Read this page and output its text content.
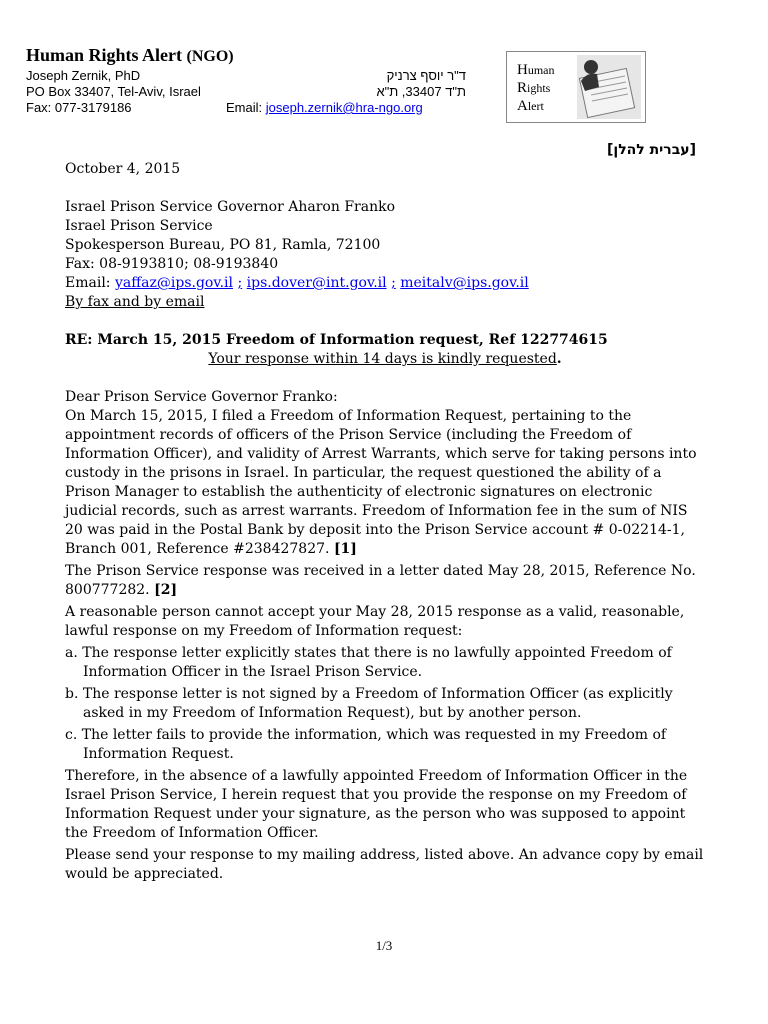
Human Rights Alert (NGO)
Joseph Zernik, PhD	ד"ר יוסף צרניק
PO Box 33407, Tel-Aviv, Israel	ת"ד 33407, ת"א
Fax: 077-3179186	Email: joseph.zernik@hra-ngo.org
Human
Rights
Alert
[עברית להלן]
October 4, 2015
Israel Prison Service Governor Aharon Franko
Israel Prison Service
Spokesperson Bureau, PO 81, Ramla, 72100
Fax: 08-9193810; 08-9193840
Email: yaffaz@ips.gov.il ; ips.dover@int.gov.il ; meitalv@ips.gov.il
By fax and by email
RE: March 15, 2015 Freedom of Information request, Ref 122774615
Your response within 14 days is kindly requested.
Dear Prison Service Governor Franko:
On March 15, 2015, I filed a Freedom of Information Request, pertaining to the appointment records of officers of the Prison Service (including the Freedom of Information Officer), and validity of Arrest Warrants, which serve for taking persons into custody in the prisons in Israel. In particular, the request questioned the ability of a Prison Manager to establish the authenticity of electronic signatures on electronic judicial records, such as arrest warrants. Freedom of Information fee in the sum of NIS 20 was paid in the Postal Bank by deposit into the Prison Service account # 0-02214-1, Branch 001, Reference #238427827. [1]
The Prison Service response was received in a letter dated May 28, 2015, Reference No. 800777282. [2]
A reasonable person cannot accept your May 28, 2015 response as a valid, reasonable, lawful response on my Freedom of Information request:
a. The response letter explicitly states that there is no lawfully appointed Freedom of Information Officer in the Israel Prison Service.
b. The response letter is not signed by a Freedom of Information Officer (as explicitly asked in my Freedom of Information Request), but by another person.
c. The letter fails to provide the information, which was requested in my Freedom of Information Request.
Therefore, in the absence of a lawfully appointed Freedom of Information Officer in the Israel Prison Service, I herein request that you provide the response on my Freedom of Information Request under your signature, as the person who was supposed to appoint the Freedom of Information Officer.
Please send your response to my mailing address, listed above. An advance copy by email would be appreciated.
1/3
